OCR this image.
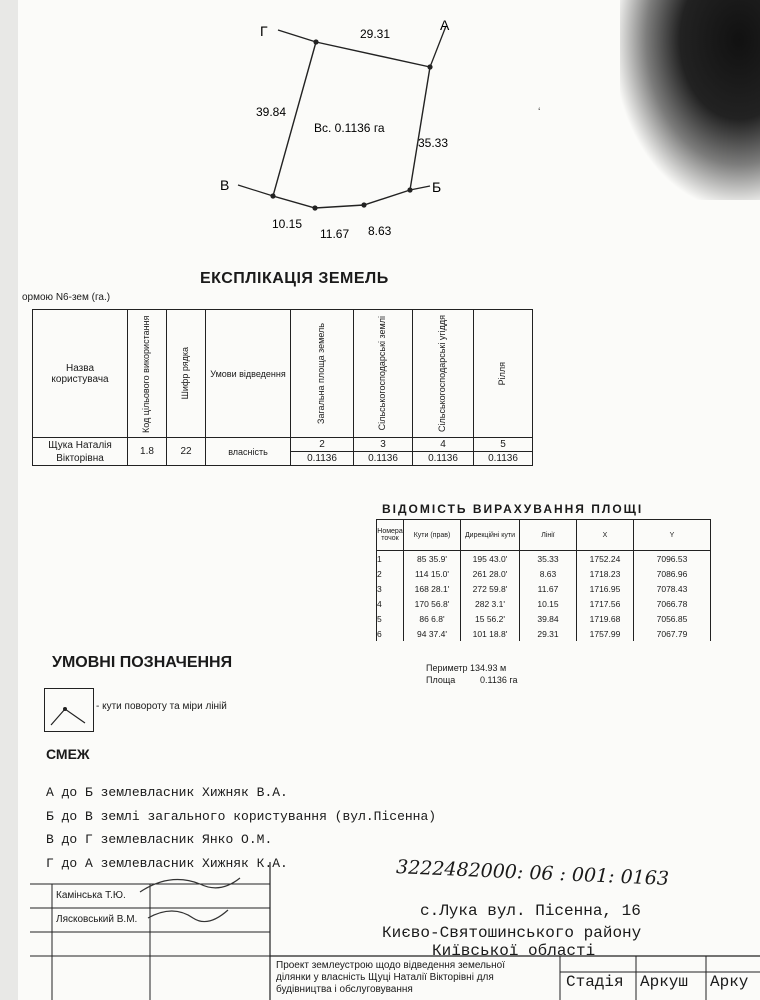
А
Б
В
Г
Вс. 0.1136 га
29.31
35.33
39.84
10.15
11.67 8.63
‘
ЕКСПЛІКАЦІЯ ЗЕМЕЛЬ
ормою N6-зем (га.)
Назва
користувача	Код цільового використання	Шифр рядка	Умови відведення	Загальна площа земель	Сільськогосподарські землі	Сільськогосподарські угіддя	Рілля

Щука Наталія
Вікторівна	1.8	22	власність	2	3	4	5
				0.1136	0.1136	0.1136	0.1136
ВІДОМІСТЬ ВИРАХУВАННЯ ПЛОЩІ
Номера точок	Кути (прав)	Дирекційні кути	Лінії	X	Y
1	85 35.9'	195 43.0'	35.33	1752.24	7096.53
2	114 15.0'	261 28.0'	8.63	1718.23	7086.96
3	168 28.1'	272 59.8'	11.67	1716.95	7078.43
4	170 56.8'	282 3.1'	10.15	1717.56	7066.78
5	86 6.8'	15 56.2'	39.84	1719.68	7056.85
6	94 37.4'	101 18.8'	29.31	1757.99	7067.79
Периметр 134.93 м
Площа	0.1136 га
УМОВНІ ПОЗНАЧЕННЯ
- кути повороту та міри ліній
СМЕЖ
А до Б землевласник Хижняк В.А.
Б до В землі загального користування (вул.Пісенна)
В до Г землевласник Янко О.М.
Г до А землевласник Хижняк К.А.	3222482000: 06 : 001: 0163
Камінська Т.Ю.
Лясковський В.М.	с.Лука вул. Пісенна, 16
Києво-Святошинського району
Київської області
Проект землеустрою щодо відведення земельної
ділянки у власність Щуці Наталії Вікторівні для
будівництва і обслуговування	Стадія Аркуш Арку
